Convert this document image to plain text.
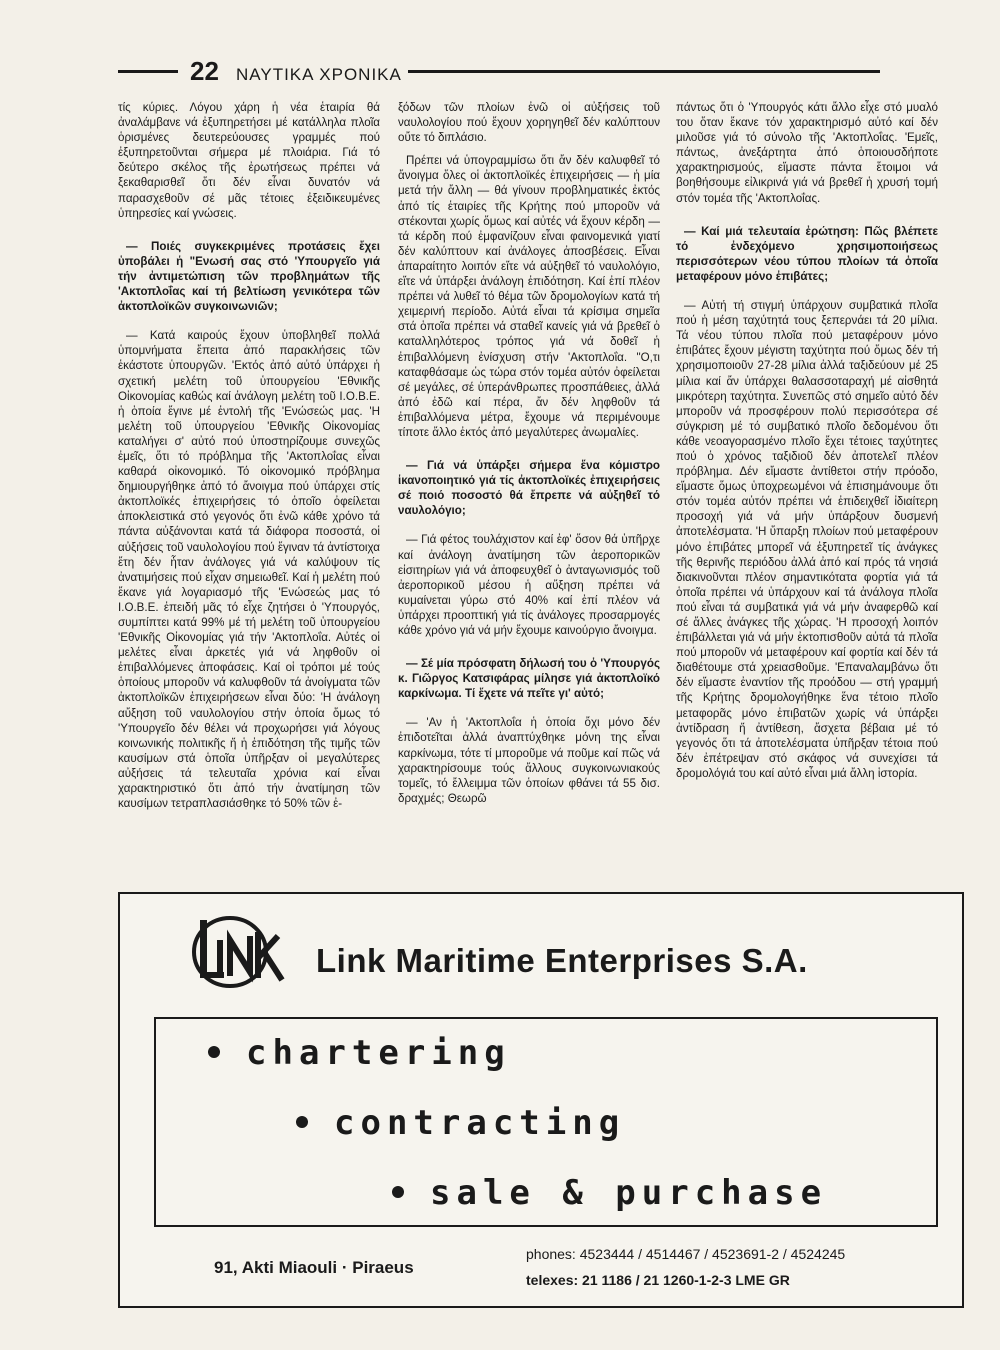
22 ΝΑΥΤΙΚΑ ΧΡΟΝΙΚΑ

τίς κύριες. Λόγου χάρη ἡ νέα ἑταιρία θά ἀναλάμβανε νά ἐξυπηρετήσει μέ κατάλληλα πλοῖα ὁρισμένες δευτερεύουσες γραμμές πού ἐξυπηρετοῦνται σήμερα μέ πλοιάρια. Γιά τό δεύτερο σκέλος τῆς ἐρωτήσεως πρέπει νά ξεκαθαρισθεῖ ὅτι δέν εἶναι δυνατόν νά παρασχεθοῦν σέ μᾶς τέτοιες ἐξειδικευμένες ὑπηρεσίες καί γνώσεις.

— Ποιές συγκεκριμένες προτάσεις ἔχει ὑποβάλει ἡ "Ενωσή σας στό 'Υπουργεῖο γιά τήν ἀντιμετώπιση τῶν προβλημάτων τῆς 'Ακτοπλοΐας καί τή βελτίωση γενικότερα τῶν ἀκτοπλοϊκῶν συγκοινωνιῶν;

— Κατά καιρούς ἔχουν ὑποβληθεῖ πολλά ὑπομνήματα ἔπειτα ἀπό παρακλήσεις τῶν ἑκάστοτε ὑπουργῶν. 'Εκτός ἀπό αὐτό ὑπάρχει ἡ σχετική μελέτη τοῦ ὑπουργείου 'Εθνικῆς Οἰκονομίας καθώς καί ἀνάλογη μελέτη τοῦ Ι.Ο.Β.Ε. ἡ ὁποία ἔγινε μέ ἐντολή τῆς 'Ενώσεώς μας. 'Η μελέτη τοῦ ὑπουργείου 'Εθνικῆς Οἰκονομίας καταλήγει σ' αὐτό πού ὑποστηρίζουμε συνεχῶς ἐμεῖς, ὅτι τό πρόβλημα τῆς 'Ακτοπλοΐας εἶναι καθαρά οἰκονομικό. Τό οἰκονομικό πρόβλημα δημιουργήθηκε ἀπό τό ἄνοιγμα πού ὑπάρχει στίς ἀκτοπλοϊκές ἐπιχειρήσεις τό ὁποῖο ὀφείλεται ἀποκλειστικά στό γεγονός ὅτι ἐνῶ κάθε χρόνο τά πάντα αὐξάνονται κατά τά διάφορα ποσοστά, οἱ αὐξήσεις τοῦ ναυλολογίου πού ἔγιναν τά ἀντίστοιχα ἔτη δέν ἦταν ἀνάλογες γιά νά καλύψουν τίς ἀνατιμήσεις πού εἶχαν σημειωθεῖ. Καί ἡ μελέτη πού ἔκανε γιά λογαριασμό τῆς 'Ενώσεώς μας τό Ι.Ο.Β.Ε. ἐπειδή μᾶς τό εἶχε ζητήσει ὁ 'Υπουργός, συμπίπτει κατά 99% μέ τή μελέτη τοῦ ὑπουργείου 'Εθνικῆς Οἰκονομίας γιά τήν 'Ακτοπλοΐα. Αὐτές οἱ μελέτες εἶναι ἀρκετές γιά νά ληφθοῦν οἱ ἐπιβαλλόμενες ἀποφάσεις. Καί οἱ τρόποι μέ τούς ὁποίους μποροῦν νά καλυφθοῦν τά ἀνοίγματα τῶν ἀκτοπλοϊκῶν ἐπιχειρήσεων εἶναι δύο: 'Η ἀνάλογη αὔξηση τοῦ ναυλολογίου στήν ὁποία ὅμως τό 'Υπουργεῖο δέν θέλει νά προχωρήσει γιά λόγους κοινωνικής πολιτικῆς ἤ ἡ ἐπιδότηση τῆς τιμῆς τῶν καυσίμων στά ὁποῖα ὑπῆρξαν οἱ μεγαλύτερες αὐξήσεις τά τελευταῖα χρόνια καί εἶναι χαρακτηριστικό ὅτι ἀπό τήν ἀνατίμηση τῶν καυσίμων τετραπλασιάσθηκε τό 50% τῶν ἐ-

ξόδων τῶν πλοίων ἐνῶ οἱ αὐξήσεις τοῦ ναυλολογίου πού ἔχουν χορηγηθεῖ δέν καλύπτουν οὔτε τό διπλάσιο.

Πρέπει νά ὑπογραμμίσω ὅτι ἄν δέν καλυφθεῖ τό ἄνοιγμα ὅλες οἱ ἀκτοπλοϊκές ἐπιχειρήσεις — ἡ μία μετά τήν ἄλλη — θά γίνουν προβληματικές ἐκτός ἀπό τίς ἑταιρίες τῆς Κρήτης πού μποροῦν νά στέκονται χωρίς ὅμως καί αὐτές νά ἔχουν κέρδη — τά κέρδη πού ἐμφανίζουν εἶναι φαινομενικά γιατί δέν καλύπτουν καί ἀνάλογες ἀποσβέσεις. Εἶναι ἀπαραίτητο λοιπόν εἴτε νά αὐξηθεῖ τό ναυλολόγιο, εἴτε νά ὑπάρξει ἀνάλογη ἐπιδότηση. Καί ἐπί πλέον πρέπει νά λυθεῖ τό θέμα τῶν δρομολογίων κατά τή χειμερινή περίοδο. Αὐτά εἶναι τά κρίσιμα σημεῖα στά ὁποῖα πρέπει νά σταθεῖ κανείς γιά νά βρεθεῖ ὁ καταλληλότερος τρόπος γιά νά δοθεῖ ἡ ἐπιβαλλόμενη ἐνίσχυση στήν 'Ακτοπλοΐα. "Ο,τι καταφθάσαμε ὡς τώρα στόν τομέα αὐτόν ὀφείλεται σέ μεγάλες, σέ ὑπεράνθρωπες προσπάθειες, ἀλλά ἀπό ἐδῶ καί πέρα, ἄν δέν ληφθοῦν τά ἐπιβαλλόμενα μέτρα, ἔχουμε νά περιμένουμε τίποτε ἄλλο ἐκτός ἀπό μεγαλύτερες ἀνωμαλίες.

— Γιά νά ὑπάρξει σήμερα ἕνα κόμιστρο ἱκανοποιητικό γιά τίς ἀκτοπλοϊκές ἐπιχειρήσεις σέ ποιό ποσοστό θά ἔπρεπε νά αὐξηθεῖ τό ναυλολόγιο;

— Γιά φέτος τουλάχιστον καί ἐφ' ὅσον θά ὑπῆρχε καί ἀνάλογη ἀνατίμηση τῶν ἀεροπορικῶν εἰσιτηρίων γιά νά ἀποφευχθεῖ ὁ ἀνταγωνισμός τοῦ ἀεροπορικοῦ μέσου ἡ αὔξηση πρέπει νά κυμαίνεται γύρω στό 40% καί ἐπί πλέον νά ὑπάρχει προοπτική γιά τίς ἀνάλογες προσαρμογές κάθε χρόνο γιά νά μήν ἔχουμε καινούργιο ἄνοιγμα.

— Σέ μία πρόσφατη δήλωσή του ὁ 'Υπουργός κ. Γιῶργος Κατσιφάρας μίλησε γιά ἀκτοπλοϊκό καρκίνωμα. Τί ἔχετε νά πεῖτε γι' αὐτό;

— 'Αν ἡ 'Ακτοπλοΐα ἡ ὁποία ὄχι μόνο δέν ἐπιδοτεῖται ἀλλά ἀναπτύχθηκε μόνη της εἶναι καρκίνωμα, τότε τί μποροῦμε νά ποῦμε καί πῶς νά χαρακτηρίσουμε τούς ἄλλους συγκοινωνιακούς τομεῖς, τό ἔλλειμμα τῶν ὁποίων φθάνει τά 55 δισ. δραχμές; Θεωρῶ

πάντως ὅτι ὁ 'Υπουργός κάτι ἄλλο εἶχε στό μυαλό του ὅταν ἔκανε τόν χαρακτηρισμό αὐτό καί δέν μιλοῦσε γιά τό σύνολο τῆς 'Ακτοπλοΐας. 'Εμεῖς, πάντως, ἀνεξάρτητα ἀπό ὁποιουσδήποτε χαρακτηρισμούς, εἴμαστε πάντα ἕτοιμοι νά βοηθήσουμε εἰλικρινά γιά νά βρεθεῖ ἡ χρυσή τομή στόν τομέα τῆς 'Ακτοπλοΐας.

— Καί μιά τελευταία ἐρώτηση: Πῶς βλέπετε τό ἐνδεχόμενο χρησιμοποιήσεως περισσότερων νέου τύπου πλοίων τά ὁποῖα μεταφέρουν μόνο ἐπιβάτες;

— Αὐτή τή στιγμή ὑπάρχουν συμβατικά πλοῖα πού ἡ μέση ταχύτητά τους ξεπερνάει τά 20 μίλια. Τά νέου τύπου πλοῖα πού μεταφέρουν μόνο ἐπιβάτες ἔχουν μέγιστη ταχύτητα πού ὅμως δέν τή χρησιμοποιοῦν 27-28 μίλια ἀλλά ταξιδεύουν μέ 25 μίλια καί ἄν ὑπάρχει θαλασσοταραχή μέ αἰσθητά μικρότερη ταχύτητα. Συνεπῶς στό σημεῖο αὐτό δέν μποροῦν νά προσφέρουν πολύ περισσότερα σέ σύγκριση μέ τό συμβατικό πλοῖο δεδομένου ὅτι κάθε νεοαγορασμένο πλοῖο ἔχει τέτοιες ταχύτητες πού ὁ χρόνος ταξιδιοῦ δέν ἀποτελεῖ πλέον πρόβλημα. Δέν εἴμαστε ἀντίθετοι στήν πρόοδο, εἴμαστε ὅμως ὑποχρεωμένοι νά ἐπισημάνουμε ὅτι στόν τομέα αὐτόν πρέπει νά ἐπιδειχθεῖ ἰδιαίτερη προσοχή γιά νά μήν ὑπάρξουν δυσμενή ἀποτελέσματα. 'Η ὕπαρξη πλοίων πού μεταφέρουν μόνο ἐπιβάτες μπορεῖ νά ἐξυπηρετεῖ τίς ἀνάγκες τῆς θερινῆς περιόδου ἀλλά ἀπό καί πρός τά νησιά διακινοῦνται πλέον σημαντικότατα φορτία γιά τά ὁποῖα πρέπει νά ὑπάρχουν καί τά ἀνάλογα πλοῖα πού εἶναι τά συμβατικά γιά νά μήν ἀναφερθῶ καί σέ ἄλλες ἀνάγκες τῆς χώρας. 'Η προσοχή λοιπόν ἐπιβάλλεται γιά νά μήν ἐκτοπισθοῦν αὐτά τά πλοῖα πού μποροῦν νά μεταφέρουν καί φορτία καί δέν τά διαθέτουμε στά χρειασθοῦμε. 'Επαναλαμβάνω ὅτι δέν εἴμαστε ἐναντίον τῆς προόδου — στή γραμμή τῆς Κρήτης δρομολογήθηκε ἕνα τέτοιο πλοῖο μεταφορᾶς μόνο ἐπιβατῶν χωρίς νά ὑπάρξει ἀντίδραση ἤ ἀντίθεση, ἄσχετα βέβαια μέ τό γεγονός ὅτι τά ἀποτελέσματα ὑπῆρξαν τέτοια πού δέν ἐπέτρεψαν στό σκάφος νά συνεχίσει τά δρομολόγιά του καί αὐτό εἶναι μιά ἄλλη ἱστορία.

Link Maritime Enterprises S.A.
chartering
contracting
sale & purchase
91, Akti Miaouli · Piraeus
phones: 4523444 / 4514467 / 4523691-2 / 4524245
telexes: 21 1186 / 21 1260-1-2-3 LME GR
